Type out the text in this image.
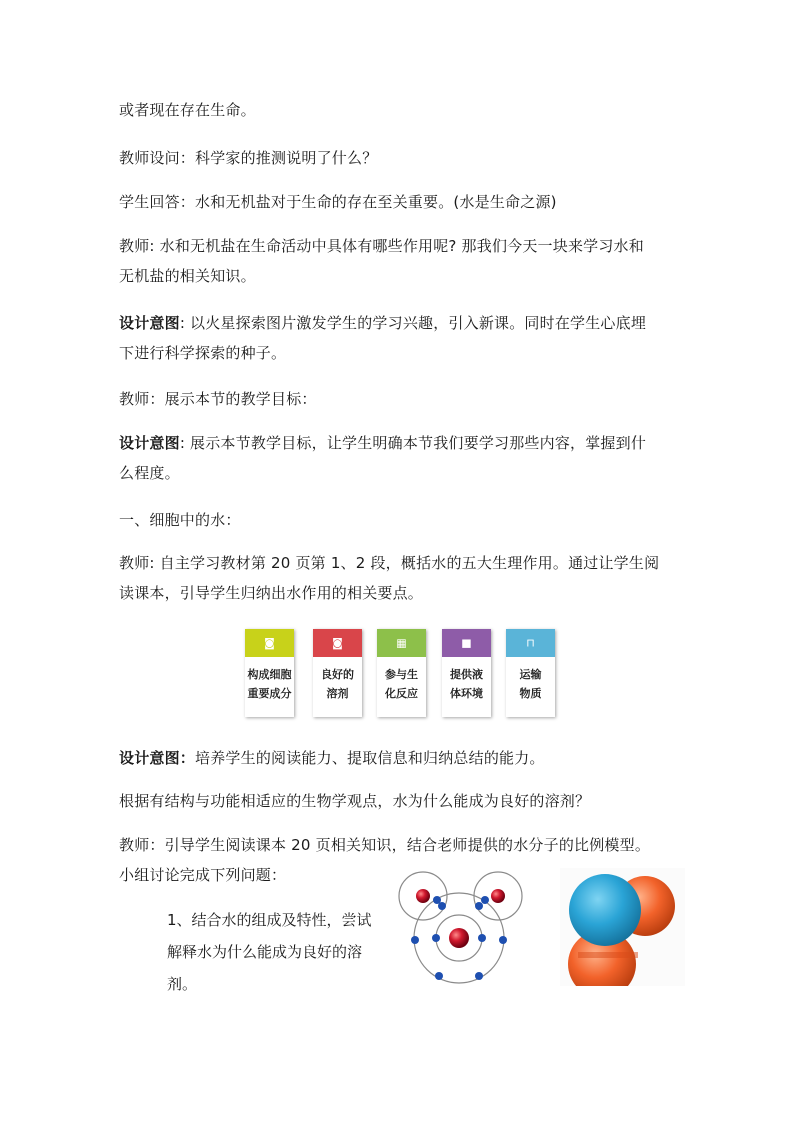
或者现在存在生命。
教师设问：科学家的推测说明了什么？
学生回答：水和无机盐对于生命的存在至关重要。(水是生命之源)
教师: 水和无机盐在生命活动中具体有哪些作用呢? 那我们今天一块来学习水和
无机盐的相关知识。
设计意图: 以火星探索图片激发学生的学习兴趣，引入新课。同时在学生心底埋
下进行科学探索的种子。
教师：展示本节的教学目标：
设计意图: 展示本节教学目标，让学生明确本节我们要学习那些内容，掌握到什
么程度。
一、细胞中的水：
教师: 自主学习教材第 20 页第 1、2 段，概括水的五大生理作用。通过让学生阅
读课本，引导学生归纳出水作用的相关要点。
◙
构成细胞
重要成分
◙
良好的
溶剂
▦
参与生
化反应
■
提供液
体环境
⊓
运输
物质
设计意图：培养学生的阅读能力、提取信息和归纳总结的能力。
根据有结构与功能相适应的生物学观点，水为什么能成为良好的溶剂？
教师：引导学生阅读课本 20 页相关知识，结合老师提供的水分子的比例模型。
小组讨论完成下列问题：
1、结合水的组成及特性，尝试
解释水为什么能成为良好的溶
剂。
